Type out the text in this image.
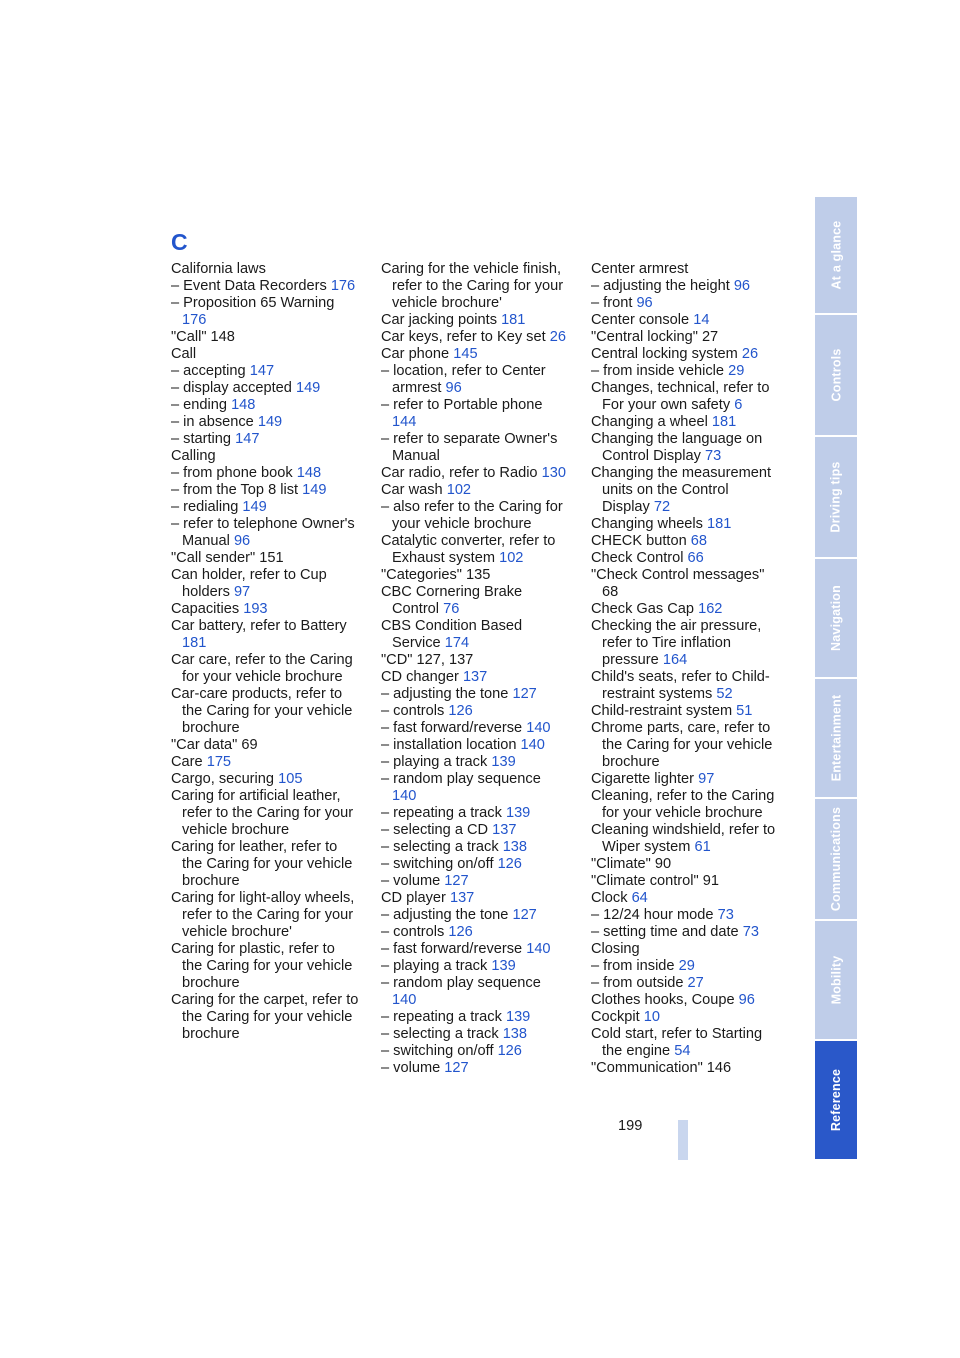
C
California laws
– Event Data Recorders 176
– Proposition 65 Warning176
"Call" 148
Call
– accepting 147
– display accepted 149
– ending 148
– in absence 149
– starting 147
Calling
– from phone book 148
– from the Top 8 list 149
– redialing 149
– refer to telephone Owner's Manual 96
"Call sender" 151
Can holder, refer to Cup holders 97
Capacities 193
Car battery, refer to Battery181
Car care, refer to the Caring for your vehicle brochure
Car-care products, refer to the Caring for your vehicle brochure
"Car data" 69
Care 175
Cargo, securing 105
Caring for artificial leather, refer to the Caring for your vehicle brochure
Caring for leather, refer to the Caring for your vehicle brochure
Caring for light-alloy wheels, refer to the Caring for your vehicle brochure'
Caring for plastic, refer to the Caring for your vehicle brochure
Caring for the carpet, refer to the Caring for your vehicle brochure
Caring for the vehicle finish, refer to the Caring for your vehicle brochure'
Car jacking points 181
Car keys, refer to Key set 26
Car phone 145
– location, refer to Center armrest 96
– refer to Portable phone144
– refer to separate Owner's Manual
Car radio, refer to Radio 130
Car wash 102
– also refer to the Caring for your vehicle brochure
Catalytic converter, refer to Exhaust system 102
"Categories" 135
CBC Cornering Brake Control 76
CBS Condition Based Service 174
"CD" 127, 137
CD changer 137
– adjusting the tone 127
– controls 126
– fast forward/reverse 140
– installation location 140
– playing a track 139
– random play sequence140
– repeating a track 139
– selecting a CD 137
– selecting a track 138
– switching on/off 126
– volume 127
CD player 137
– adjusting the tone 127
– controls 126
– fast forward/reverse 140
– playing a track 139
– random play sequence140
– repeating a track 139
– selecting a track 138
– switching on/off 126
– volume 127
Center armrest
– adjusting the height 96
– front 96
Center console 14
"Central locking" 27
Central locking system 26
– from inside vehicle 29
Changes, technical, refer to For your own safety 6
Changing a wheel 181
Changing the language on Control Display 73
Changing the measurement units on the Control Display 72
Changing wheels 181
CHECK button 68
Check Control 66
"Check Control messages" 68
Check Gas Cap 162
Checking the air pressure, refer to Tire inflation pressure 164
Child's seats, refer to Child-restraint systems 52
Child-restraint system 51
Chrome parts, care, refer to the Caring for your vehicle brochure
Cigarette lighter 97
Cleaning, refer to the Caring for your vehicle brochure
Cleaning windshield, refer to Wiper system 61
"Climate" 90
"Climate control" 91
Clock 64
– 12/24 hour mode 73
– setting time and date 73
Closing
– from inside 29
– from outside 27
Clothes hooks, Coupe 96
Cockpit 10
Cold start, refer to Starting the engine 54
"Communication" 146
199
At a glance
Controls
Driving tips
Navigation
Entertainment
Communications
Mobility
Reference
